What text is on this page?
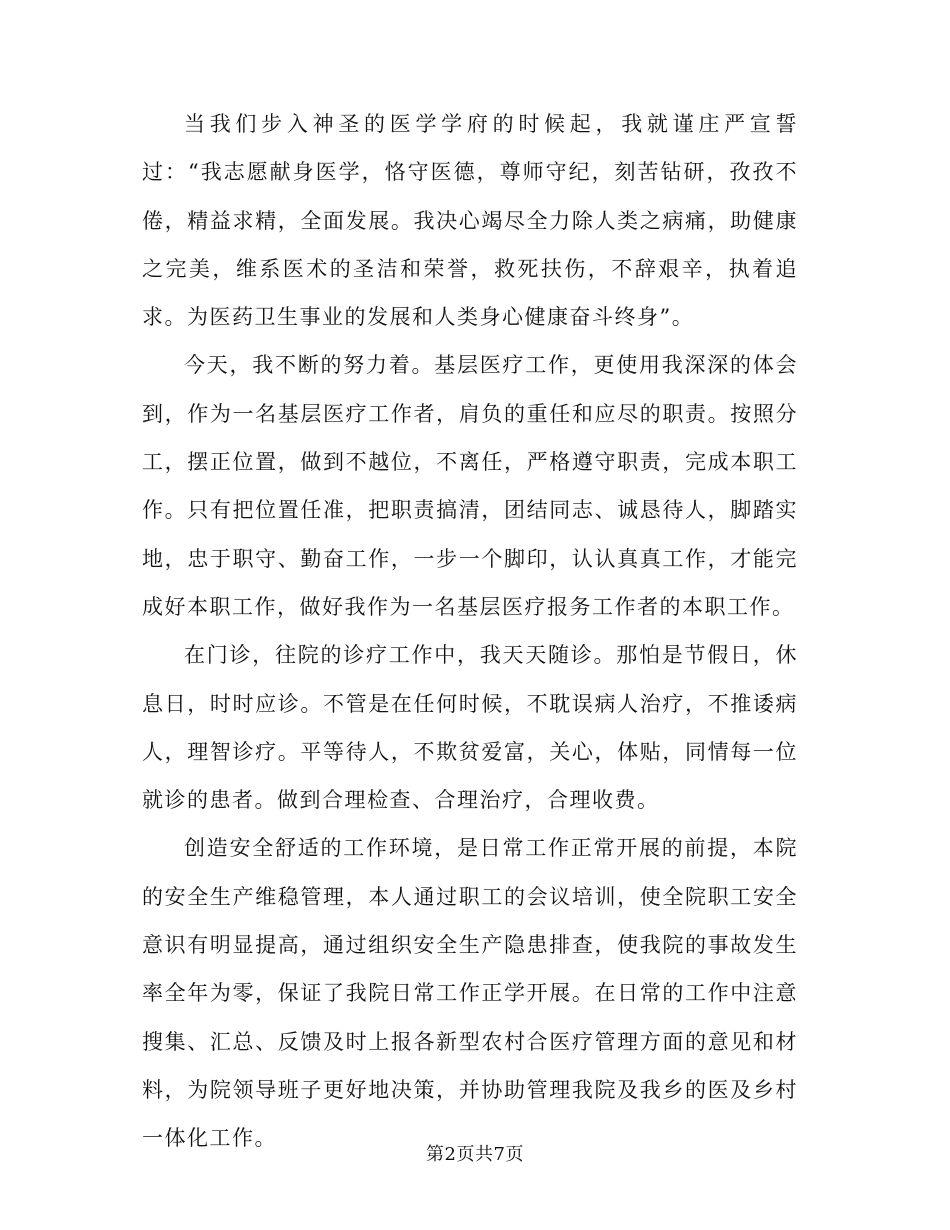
当我们步入神圣的医学学府的时候起，我就谨庄严宣誓过：“我志愿献身医学，恪守医德，尊师守纪，刻苦钻研，孜孜不倦，精益求精，全面发展。我决心竭尽全力除人类之病痛，助健康之完美，维系医术的圣洁和荣誉，救死扶伤，不辞艰辛，执着追求。为医药卫生事业的发展和人类身心健康奋斗终身”。

今天，我不断的努力着。基层医疗工作，更使用我深深的体会到，作为一名基层医疗工作者，肩负的重任和应尽的职责。按照分工，摆正位置，做到不越位，不离任，严格遵守职责，完成本职工作。只有把位置任准，把职责搞清，团结同志、诚恳待人，脚踏实地，忠于职守、勤奋工作，一步一个脚印，认认真真工作，才能完成好本职工作，做好我作为一名基层医疗报务工作者的本职工作。

在门诊，往院的诊疗工作中，我天天随诊。那怕是节假日，休息日，时时应诊。不管是在任何时候，不耽误病人治疗，不推诿病人，理智诊疗。平等待人，不欺贫爱富，关心，体贴，同情每一位就诊的患者。做到合理检查、合理治疗，合理收费。

创造安全舒适的工作环境，是日常工作正常开展的前提，本院的安全生产维稳管理，本人通过职工的会议培训，使全院职工安全意识有明显提高，通过组织安全生产隐患排查，使我院的事故发生率全年为零，保证了我院日常工作正学开展。在日常的工作中注意搜集、汇总、反馈及时上报各新型农村合医疗管理方面的意见和材料，为院领导班子更好地决策，并协助管理我院及我乡的医及乡村一体化工作。

第2页共7页
